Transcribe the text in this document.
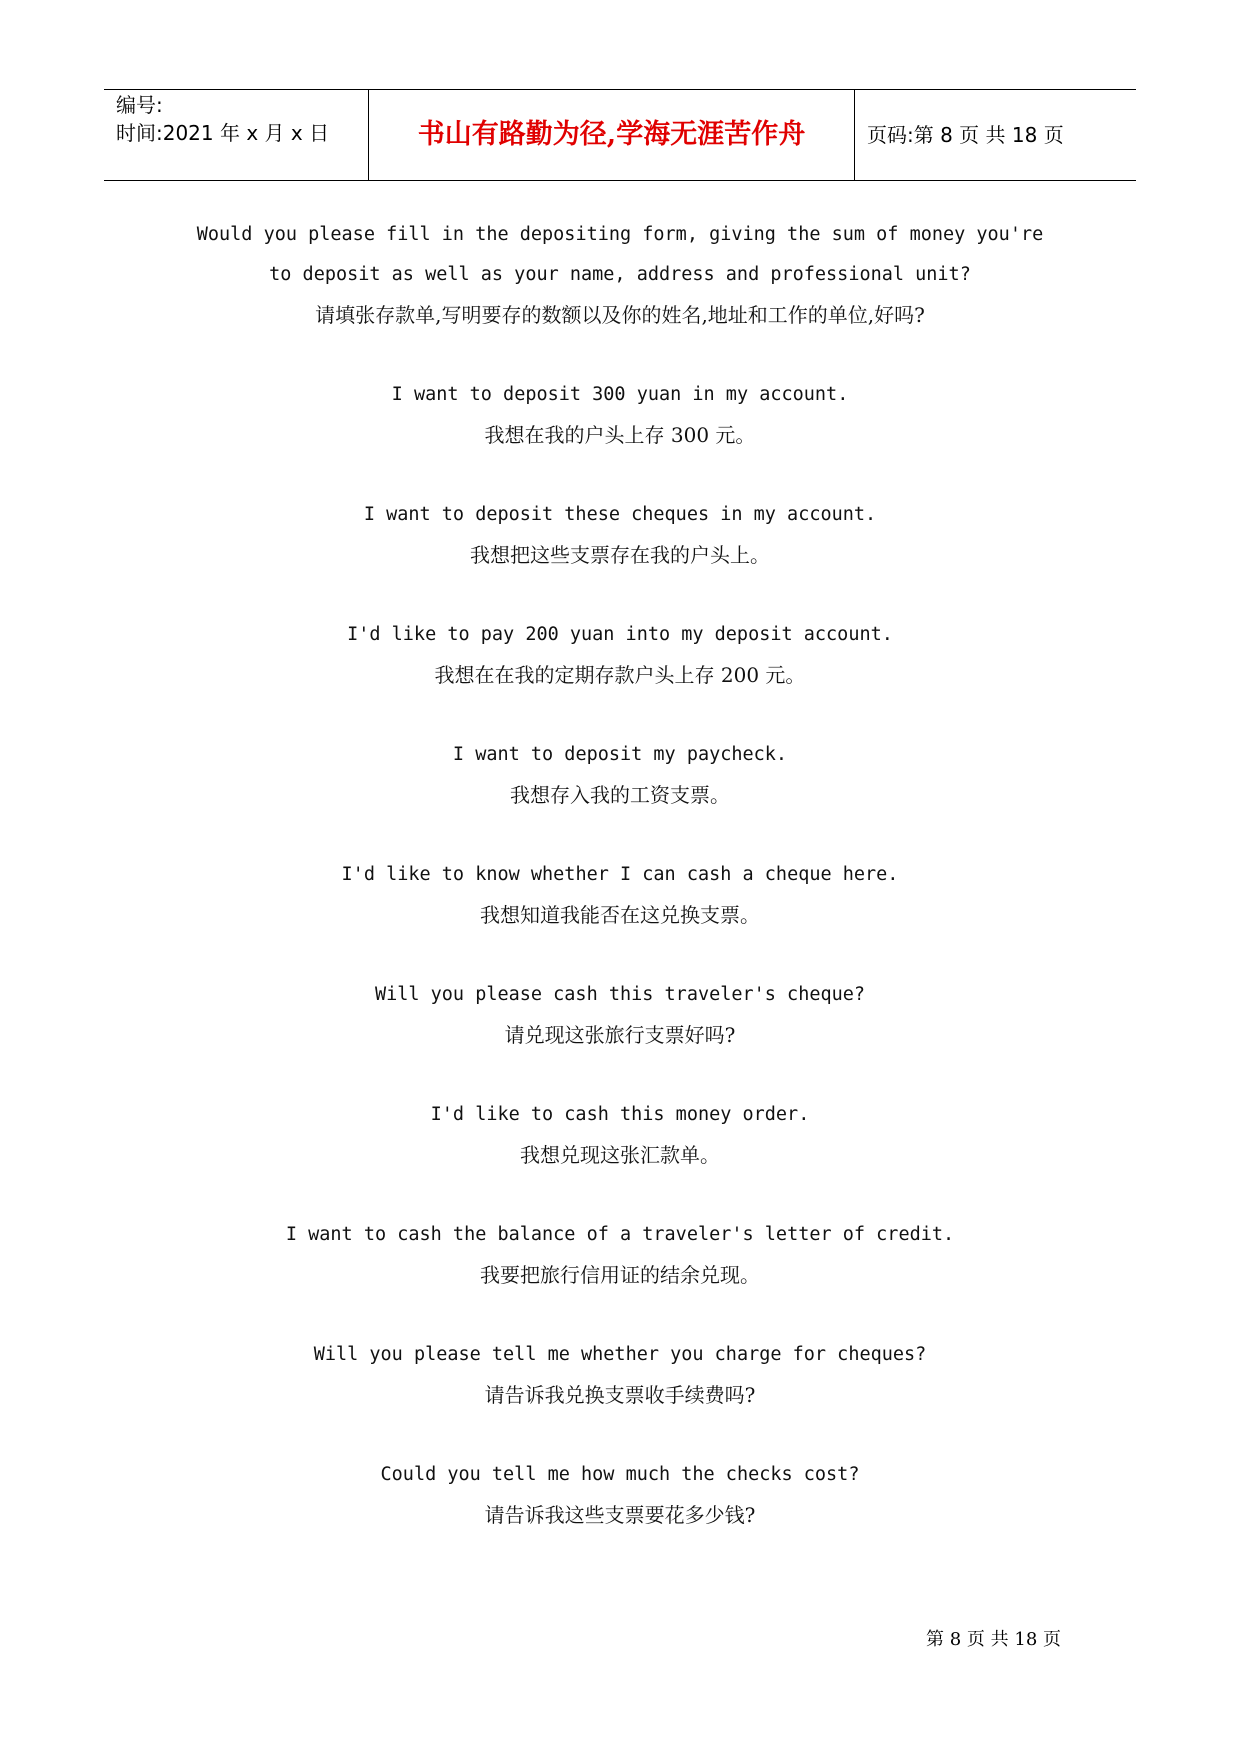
编号:
时间:2021 年 x 月 x 日	书山有路勤为径,学海无涯苦作舟	页码:第 8 页 共 18 页
Would you please fill in the depositing form, giving the sum of money you're to deposit as well as your name, address and professional unit?
请填张存款单,写明要存的数额以及你的姓名,地址和工作的单位,好吗?
I want to deposit 300 yuan in my account.
我想在我的户头上存 300 元。
I want to deposit these cheques in my account.
我想把这些支票存在我的户头上。
I'd like to pay 200 yuan into my deposit account.
我想在在我的定期存款户头上存 200 元。
I want to deposit my paycheck.
我想存入我的工资支票。
I'd like to know whether I can cash a cheque here.
我想知道我能否在这兑换支票。
Will you please cash this traveler's cheque?
请兑现这张旅行支票好吗?
I'd like to cash this money order.
我想兑现这张汇款单。
I want to cash the balance of a traveler's letter of credit.
我要把旅行信用证的结余兑现。
Will you please tell me whether you charge for cheques?
请告诉我兑换支票收手续费吗?
Could you tell me how much the checks cost?
请告诉我这些支票要花多少钱?
第 8 页 共 18 页
